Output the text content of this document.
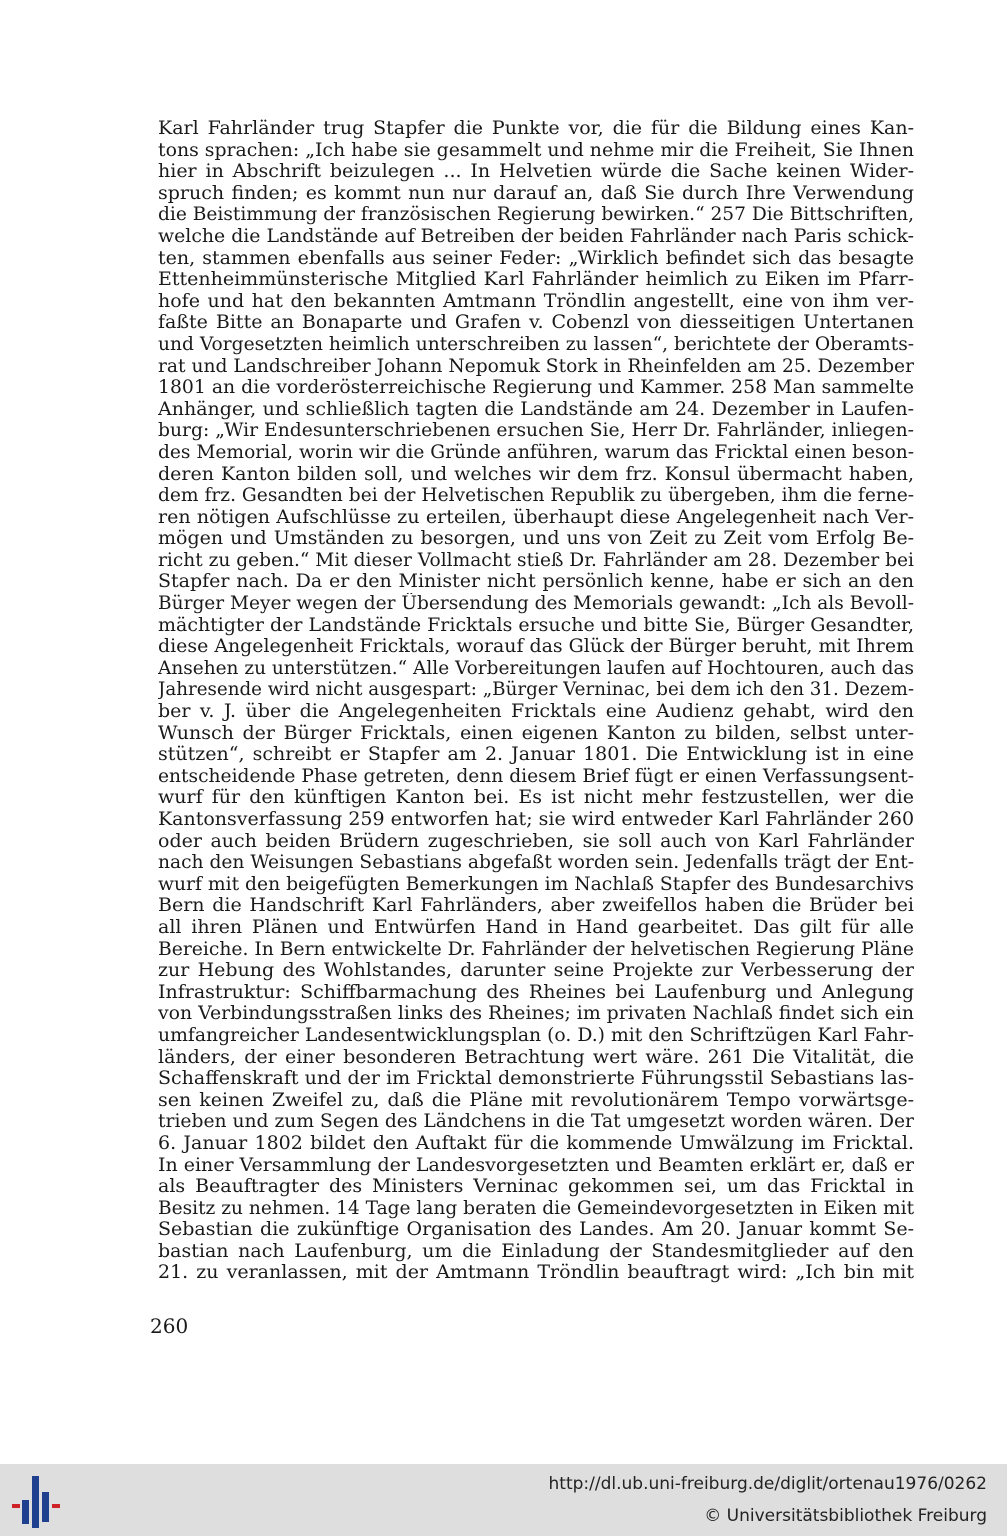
Karl Fahrländer trug Stapfer die Punkte vor, die für die Bildung eines Kan-
tons sprachen: „Ich habe sie gesammelt und nehme mir die Freiheit, Sie Ihnen
hier in Abschrift beizulegen ... In Helvetien würde die Sache keinen Wider-
spruch finden; es kommt nun nur darauf an, daß Sie durch Ihre Verwendung
die Beistimmung der französischen Regierung bewirken.“ 257 Die Bittschriften,
welche die Landstände auf Betreiben der beiden Fahrländer nach Paris schick-
ten, stammen ebenfalls aus seiner Feder: „Wirklich befindet sich das besagte
Ettenheimmünsterische Mitglied Karl Fahrländer heimlich zu Eiken im Pfarr-
hofe und hat den bekannten Amtmann Tröndlin angestellt, eine von ihm ver-
faßte Bitte an Bonaparte und Grafen v. Cobenzl von diesseitigen Untertanen
und Vorgesetzten heimlich unterschreiben zu lassen“, berichtete der Oberamts-
rat und Landschreiber Johann Nepomuk Stork in Rheinfelden am 25. Dezember
1801 an die vorderösterreichische Regierung und Kammer. 258 Man sammelte
Anhänger, und schließlich tagten die Landstände am 24. Dezember in Laufen-
burg: „Wir Endesunterschriebenen ersuchen Sie, Herr Dr. Fahrländer, inliegen-
des Memorial, worin wir die Gründe anführen, warum das Fricktal einen beson-
deren Kanton bilden soll, und welches wir dem frz. Konsul übermacht haben,
dem frz. Gesandten bei der Helvetischen Republik zu übergeben, ihm die ferne-
ren nötigen Aufschlüsse zu erteilen, überhaupt diese Angelegenheit nach Ver-
mögen und Umständen zu besorgen, und uns von Zeit zu Zeit vom Erfolg Be-
richt zu geben.“ Mit dieser Vollmacht stieß Dr. Fahrländer am 28. Dezember bei
Stapfer nach. Da er den Minister nicht persönlich kenne, habe er sich an den
Bürger Meyer wegen der Übersendung des Memorials gewandt: „Ich als Bevoll-
mächtigter der Landstände Fricktals ersuche und bitte Sie, Bürger Gesandter,
diese Angelegenheit Fricktals, worauf das Glück der Bürger beruht, mit Ihrem
Ansehen zu unterstützen.“ Alle Vorbereitungen laufen auf Hochtouren, auch das
Jahresende wird nicht ausgespart: „Bürger Verninac, bei dem ich den 31. Dezem-
ber v. J. über die Angelegenheiten Fricktals eine Audienz gehabt, wird den
Wunsch der Bürger Fricktals, einen eigenen Kanton zu bilden, selbst unter-
stützen“, schreibt er Stapfer am 2. Januar 1801. Die Entwicklung ist in eine
entscheidende Phase getreten, denn diesem Brief fügt er einen Verfassungsent-
wurf für den künftigen Kanton bei. Es ist nicht mehr festzustellen, wer die
Kantonsverfassung 259 entworfen hat; sie wird entweder Karl Fahrländer 260
oder auch beiden Brüdern zugeschrieben, sie soll auch von Karl Fahrländer
nach den Weisungen Sebastians abgefaßt worden sein. Jedenfalls trägt der Ent-
wurf mit den beigefügten Bemerkungen im Nachlaß Stapfer des Bundesarchivs
Bern die Handschrift Karl Fahrländers, aber zweifellos haben die Brüder bei
all ihren Plänen und Entwürfen Hand in Hand gearbeitet. Das gilt für alle
Bereiche. In Bern entwickelte Dr. Fahrländer der helvetischen Regierung Pläne
zur Hebung des Wohlstandes, darunter seine Projekte zur Verbesserung der
Infrastruktur: Schiffbarmachung des Rheines bei Laufenburg und Anlegung
von Verbindungsstraßen links des Rheines; im privaten Nachlaß findet sich ein
umfangreicher Landesentwicklungsplan (o. D.) mit den Schriftzügen Karl Fahr-
länders, der einer besonderen Betrachtung wert wäre. 261 Die Vitalität, die
Schaffenskraft und der im Fricktal demonstrierte Führungsstil Sebastians las-
sen keinen Zweifel zu, daß die Pläne mit revolutionärem Tempo vorwärtsge-
trieben und zum Segen des Ländchens in die Tat umgesetzt worden wären. Der
6. Januar 1802 bildet den Auftakt für die kommende Umwälzung im Fricktal.
In einer Versammlung der Landesvorgesetzten und Beamten erklärt er, daß er
als Beauftragter des Ministers Verninac gekommen sei, um das Fricktal in
Besitz zu nehmen. 14 Tage lang beraten die Gemeindevorgesetzten in Eiken mit
Sebastian die zukünftige Organisation des Landes. Am 20. Januar kommt Se-
bastian nach Laufenburg, um die Einladung der Standesmitglieder auf den
21. zu veranlassen, mit der Amtmann Tröndlin beauftragt wird: „Ich bin mit
260
http://dl.ub.uni-freiburg.de/diglit/ortenau1976/0262
© Universitätsbibliothek Freiburg
